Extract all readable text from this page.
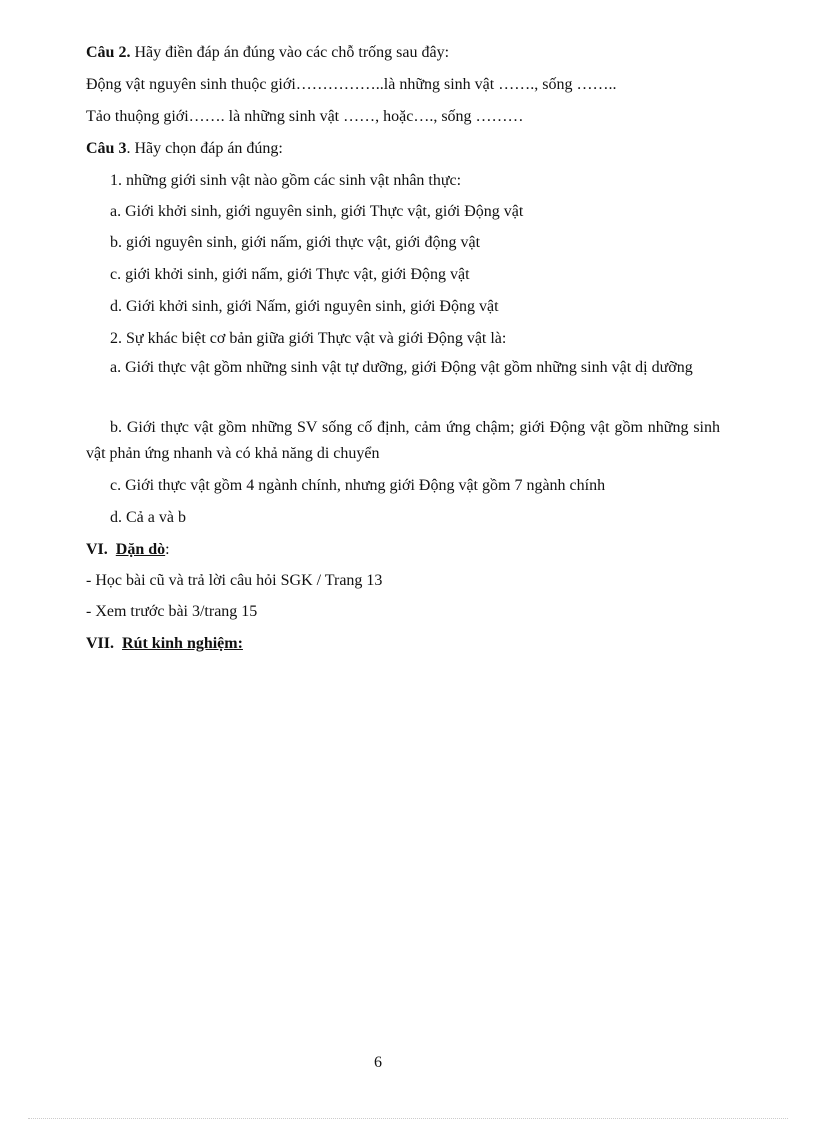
Câu 2. Hãy điền đáp án đúng vào các chỗ trống sau đây:
Động vật nguyên sinh thuộc giới……………..là những sinh vật ……., sống ……..
Tảo thuộng giới……. là những sinh vật ……, hoặc…., sống ………
Câu 3. Hãy chọn đáp án đúng:
1. những giới sinh vật nào gồm các sinh vật nhân thực:
a. Giới khởi sinh, giới nguyên sinh, giới Thực vật, giới Động vật
b. giới nguyên sinh, giới nấm, giới thực vật, giới động vật
c. giới khởi sinh, giới nấm, giới Thực vật, giới Động vật
d. Giới khởi sinh, giới Nấm, giới nguyên sinh, giới Động vật
2. Sự khác biệt cơ bản giữa giới Thực vật và giới Động vật là:
a. Giới thực vật gồm những sinh vật tự dưỡng, giới Động vật gồm những sinh vật dị dưỡng
b. Giới thực vật gồm những SV sống cố định, cảm ứng chậm; giới Động vật gồm những sinh vật phản ứng nhanh và có khả năng di chuyển
c. Giới thực vật gồm 4 ngành chính, nhưng giới Động vật gồm 7 ngành chính
d. Cả a và b
VI. Dặn dò:
- Học bài cũ và trả lời câu hỏi SGK / Trang 13
- Xem trước bài 3/trang 15
VII. Rút kinh nghiệm:
6
